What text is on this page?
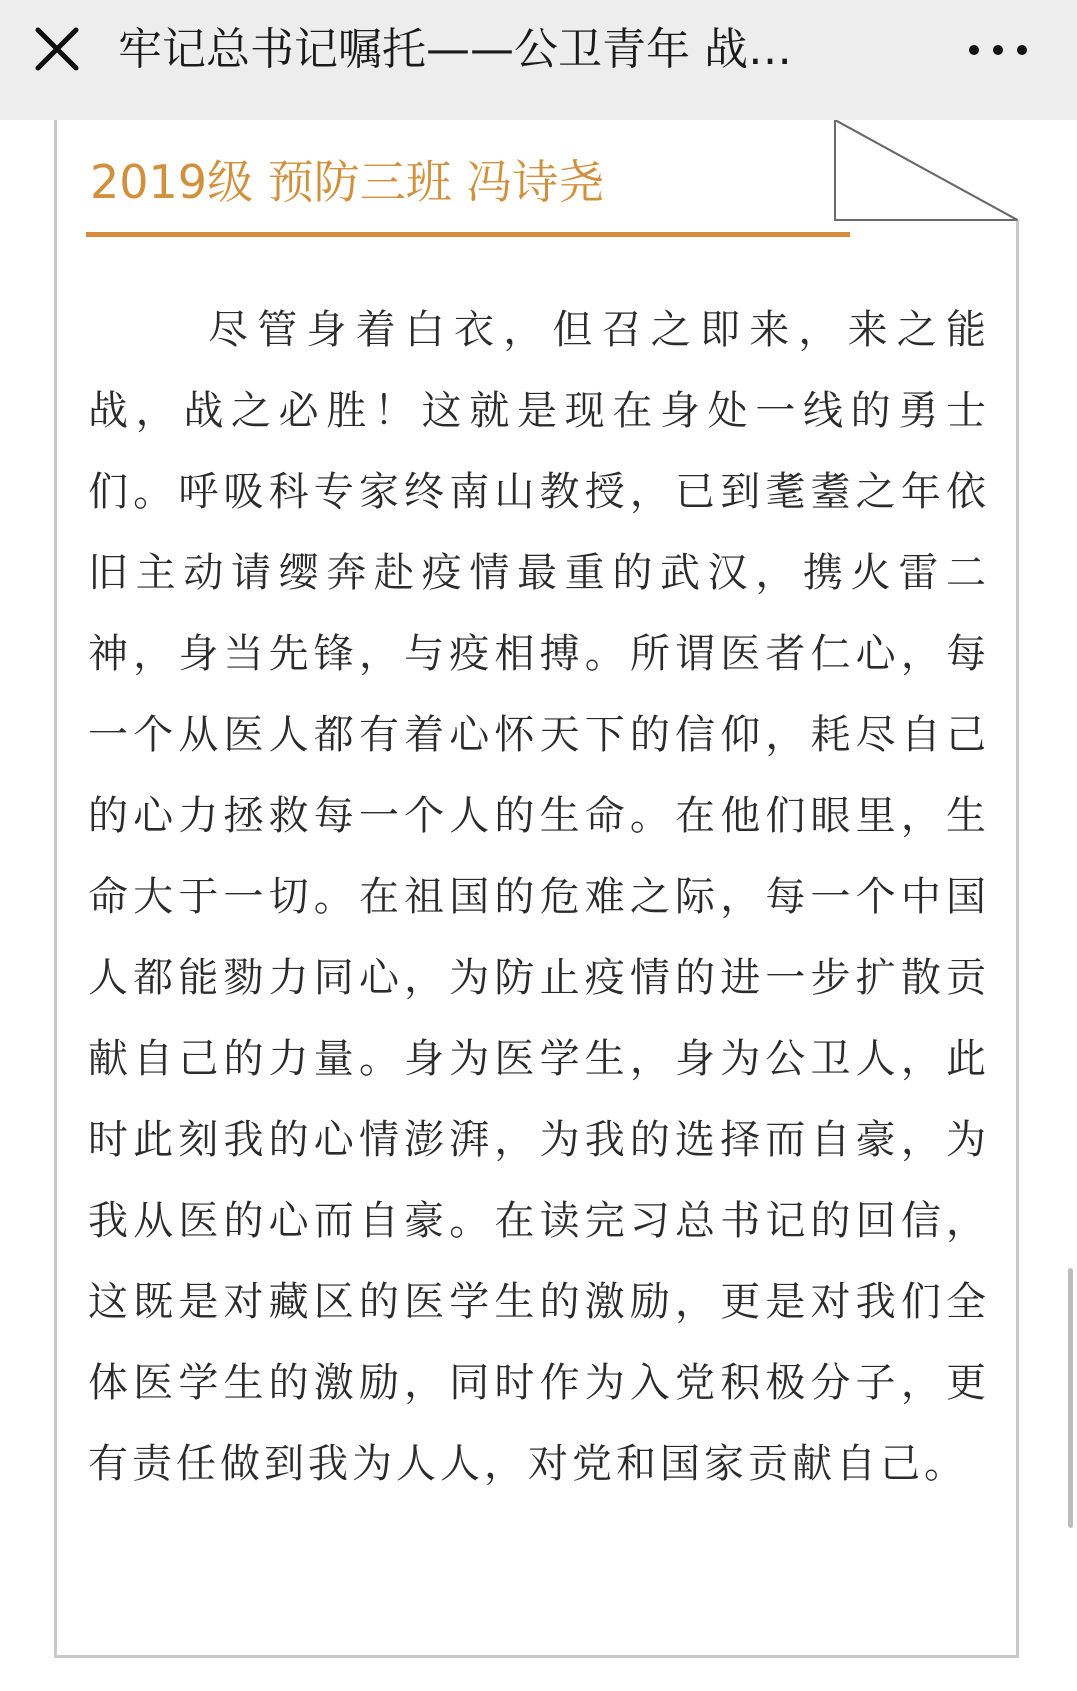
牢记总书记嘱托——公卫青年 战…
2019级 预防三班 冯诗尧

尽管身着白衣，但召之即来，来之能战，战之必胜！这就是现在身处一线的勇士们。呼吸科专家终南山教授，已到耄耋之年依旧主动请缨奔赴疫情最重的武汉，携火雷二神，身当先锋，与疫相搏。所谓医者仁心，每一个从医人都有着心怀天下的信仰，耗尽自己的心力拯救每一个人的生命。在他们眼里，生命大于一切。在祖国的危难之际，每一个中国人都能勠力同心，为防止疫情的进一步扩散贡献自己的力量。身为医学生，身为公卫人，此时此刻我的心情澎湃，为我的选择而自豪，为我从医的心而自豪。在读完习总书记的回信，这既是对藏区的医学生的激励，更是对我们全体医学生的激励，同时作为入党积极分子，更有责任做到我为人人，对党和国家贡献自己。
